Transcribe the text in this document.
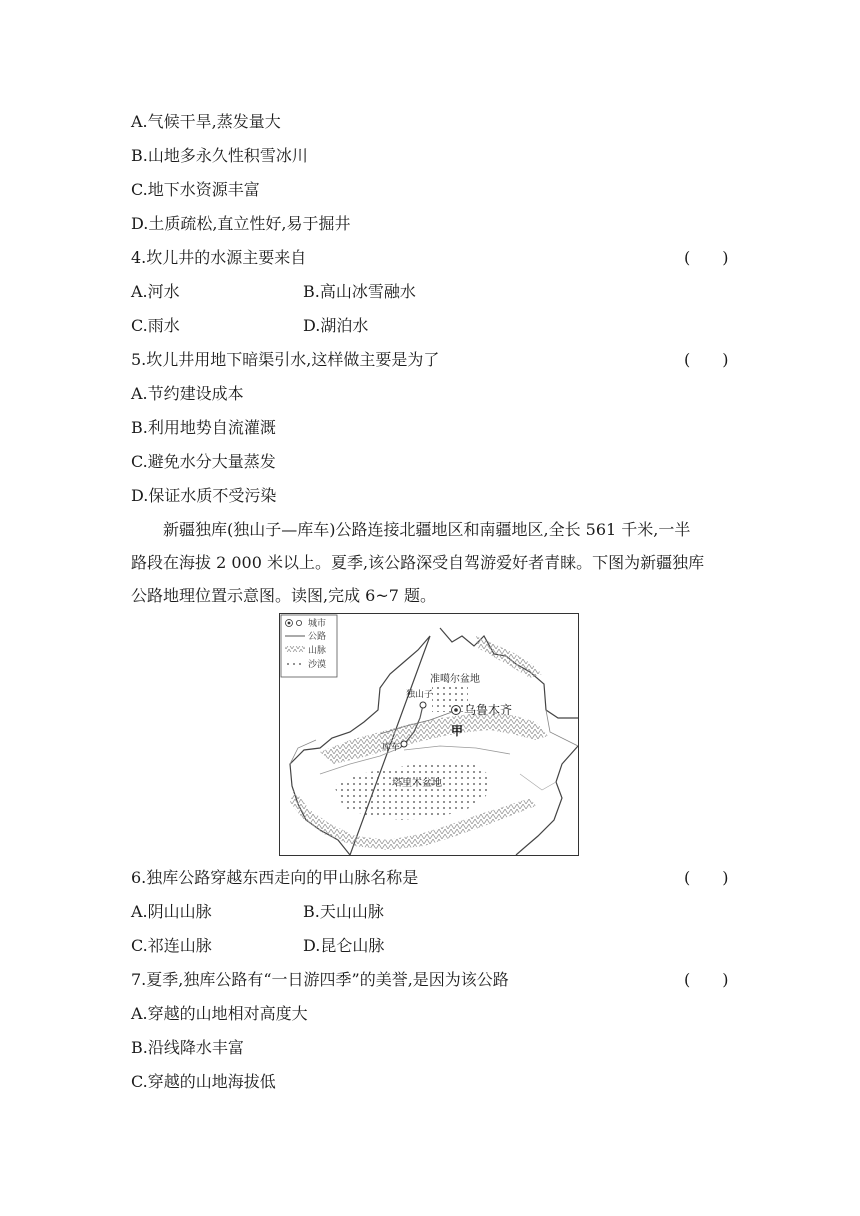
A.气候干旱,蒸发量大
B.山地多永久性积雪冰川
C.地下水资源丰富
D.土质疏松,直立性好,易于掘井
4.坎儿井的水源主要来自	(　　)
A.河水	B.高山冰雪融水
C.雨水	D.湖泊水
5.坎儿井用地下暗渠引水,这样做主要是为了	(　　)
A.节约建设成本
B.利用地势自流灌溉
C.避免水分大量蒸发
D.保证水质不受污染
新疆独库(独山子—库车)公路连接北疆地区和南疆地区,全长 561 千米,一半
路段在海拔 2 000 米以上。夏季,该公路深受自驾游爱好者青睐。下图为新疆独库
公路地理位置示意图。读图,完成 6~7 题。
城市
公路
山脉
沙漠
准噶尔盆地
独山子
乌鲁木齐
甲
库车
塔里木盆地
6.独库公路穿越东西走向的甲山脉名称是	(　　)
A.阴山山脉	B.天山山脉
C.祁连山脉	D.昆仑山脉
7.夏季,独库公路有“一日游四季”的美誉,是因为该公路	(　　)
A.穿越的山地相对高度大
B.沿线降水丰富
C.穿越的山地海拔低
